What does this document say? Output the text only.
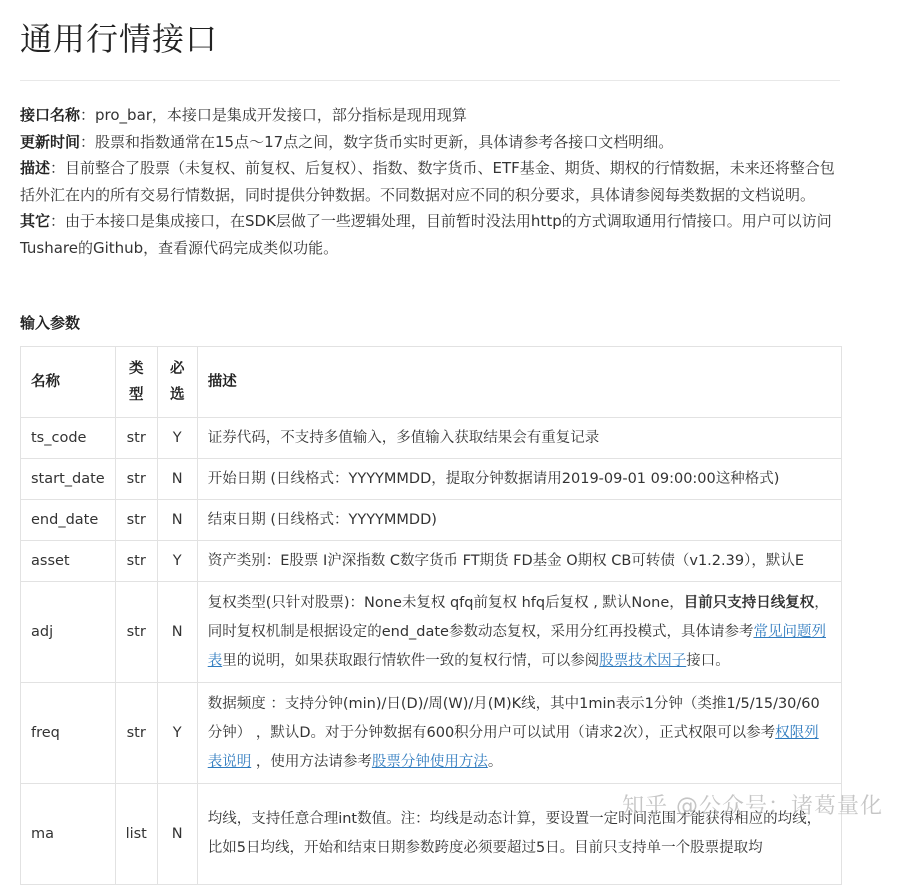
通用行情接口

接口名称：pro_bar，本接口是集成开发接口，部分指标是现用现算

更新时间：股票和指数通常在15点～17点之间，数字货币实时更新，具体请参考各接口文档明细。

描述：目前整合了股票（未复权、前复权、后复权）、指数、数字货币、ETF基金、期货、期权的行情数据，未来还将整合包括外汇在内的所有交易行情数据，同时提供分钟数据。不同数据对应不同的积分要求，具体请参阅每类数据的文档说明。

其它：由于本接口是集成接口，在SDK层做了一些逻辑处理，目前暂时没法用http的方式调取通用行情接口。用户可以访问Tushare的Github，查看源代码完成类似功能。

输入参数
名称	类型	必选	描述
ts_code	str	Y	证券代码，不支持多值输入，多值输入获取结果会有重复记录
start_date	str	N	开始日期 (日线格式：YYYYMMDD，提取分钟数据请用2019-09-01 09:00:00这种格式)
end_date	str	N	结束日期 (日线格式：YYYYMMDD)
asset	str	Y	资产类别：E股票 I沪深指数 C数字货币 FT期货 FD基金 O期权 CB可转债（v1.2.39），默认E
adj	str	N	复权类型(只针对股票)：None未复权 qfq前复权 hfq后复权 , 默认None，目前只支持日线复权，同时复权机制是根据设定的end_date参数动态复权，采用分红再投模式，具体请参考常见问题列表里的说明，如果获取跟行情软件一致的复权行情，可以参阅股票技术因子接口。
freq	str	Y	数据频度 ：支持分钟(min)/日(D)/周(W)/月(M)K线，其中1min表示1分钟（类推1/5/15/30/60分钟） ，默认D。对于分钟数据有600积分用户可以试用（请求2次），正式权限可以参考权限列表说明 ，使用方法请参考股票分钟使用方法。
ma	list	N	均线，支持任意合理int数值。注：均线是动态计算，要设置一定时间范围才能获得相应的均线，比如5日均线，开始和结束日期参数跨度必须要超过5日。目前只支持单一个股票提取均
知乎 @公众号：诸葛量化
